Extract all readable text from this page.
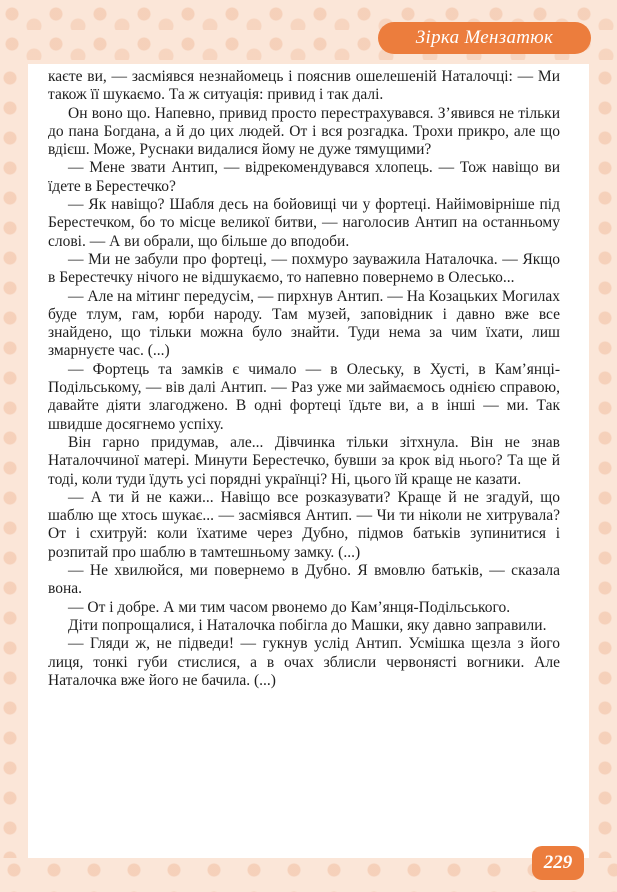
Зірка Мензатюк

каєте ви, — засміявся незнайомець і пояснив ошелешеній Наталочці: — Ми також її шукаємо. Та ж ситуація: привид і так далі.

Он воно що. Напевно, привид просто перестрахувався. З’явився не тільки до пана Богдана, а й до цих людей. От і вся розгадка. Трохи прикро, але що вдієш. Може, Руснаки видалися йому не дуже тямущими?

— Мене звати Антип, — відрекомендувався хлопець. — Тож навіщо ви їдете в Берестечко?

— Як навіщо? Шабля десь на бойовищі чи у фортеці. Найімовірніше під Берестечком, бо то місце великої битви, — наголосив Антип на останньому слові. — А ви обрали, що більше до вподоби.

— Ми не забули про фортеці, — похмуро зауважила Наталочка. — Якщо в Берестечку нічого не відшукаємо, то напевно повернемо в Олесько...

— Але на мітинг передусім, — пирхнув Антип. — На Козацьких Могилах буде тлум, гам, юрби народу. Там музей, заповідник і давно вже все знайдено, що тільки можна було знайти. Туди нема за чим їхати, лиш змарнуєте час. (...)

— Фортець та замків є чимало — в Олеську, в Хусті, в Кам’янці-Подільському, — вів далі Антип. — Раз уже ми займаємось однією справою, давайте діяти злагоджено. В одні фортеці їдьте ви, а в інші — ми. Так швидше досягнемо успіху.

Він гарно придумав, але... Дівчинка тільки зітхнула. Він не знав Наталоччиної матері. Минути Берестечко, бувши за крок від нього? Та ще й тоді, коли туди їдуть усі порядні українці? Ні, цього їй краще не казати.

— А ти й не кажи... Навіщо все розказувати? Краще й не згадуй, що шаблю ще хтось шукає... — засміявся Антип. — Чи ти ніколи не хитрувала? От і схитруй: коли їхатиме через Дубно, підмов батьків зупинитися і розпитай про шаблю в тамтешньому замку. (...)

— Не хвилюйся, ми повернемо в Дубно. Я вмовлю батьків, — сказала вона.

— От і добре. А ми тим часом рвонемо до Кам’янця-Подільського.

Діти попрощалися, і Наталочка побігла до Машки, яку давно заправили.

— Гляди ж, не підведи! — гукнув услід Антип. Усмішка щезла з його лиця, тонкі губи стислися, а в очах зблисли червонясті вогники. Але Наталочка вже його не бачила. (...)

229
